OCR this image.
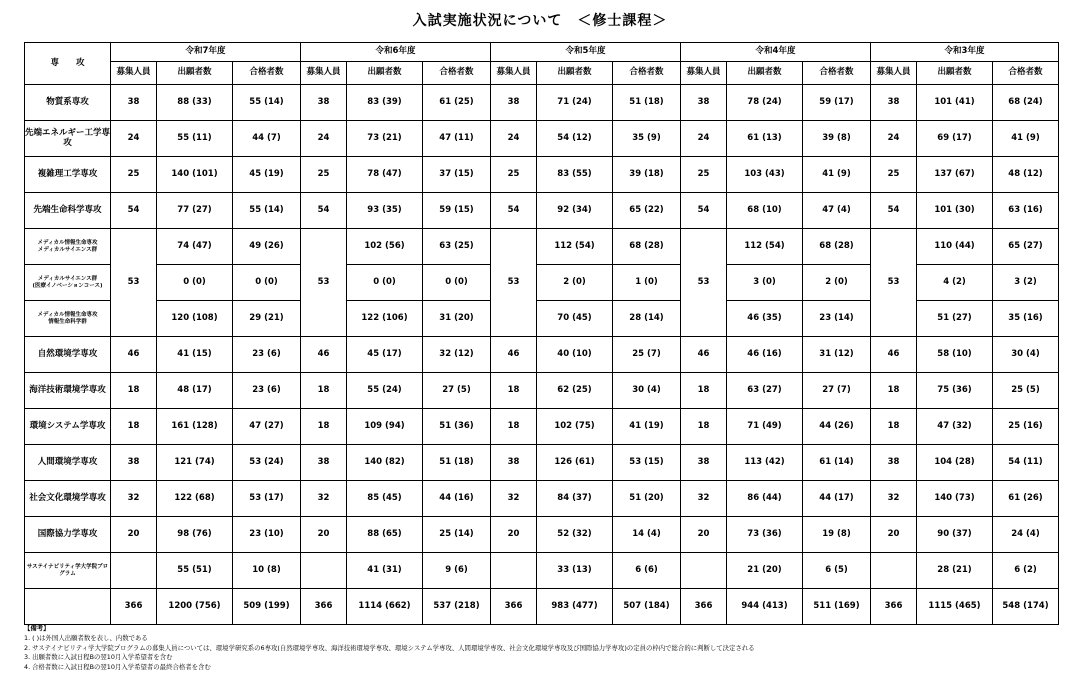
入試実施状況について　＜修士課程＞
専　　攻	令和7年度			令和6年度			令和5年度			令和4年度			令和3年度		
	募集人員	出願者数	合格者数	募集人員	出願者数	合格者数	募集人員	出願者数	合格者数	募集人員	出願者数	合格者数	募集人員	出願者数	合格者数
物質系専攻	38	88 (33)	55 (14)	38	83 (39)	61 (25)	38	71 (24)	51 (18)	38	78 (24)	59 (17)	38	101 (41)	68 (24)
先端エネルギー工学専攻	24	55 (11)	44 (7)	24	73 (21)	47 (11)	24	54 (12)	35 (9)	24	61 (13)	39 (8)	24	69 (17)	41 (9)
複雑理工学専攻	25	140 (101)	45 (19)	25	78 (47)	37 (15)	25	83 (55)	39 (18)	25	103 (43)	41 (9)	25	137 (67)	48 (12)
先端生命科学専攻	54	77 (27)	55 (14)	54	93 (35)	59 (15)	54	92 (34)	65 (22)	54	68 (10)	47 (4)	54	101 (30)	63 (16)
メディカル情報生命専攻
メディカルサイエンス群	53	74 (47)	49 (26)	53	102 (56)	63 (25)	53	112 (54)	68 (28)	53	112 (54)	68 (28)	53	110 (44)	65 (27)
メディカルサイエンス群
(医療イノベーションコース)		0 (0)	0 (0)		0 (0)	0 (0)		2 (0)	1 (0)		3 (0)	2 (0)		4 (2)	3 (2)
メディカル情報生命専攻
情報生命科学群		120 (108)	29 (21)		122 (106)	31 (20)		70 (45)	28 (14)		46 (35)	23 (14)		51 (27)	35 (16)
自然環境学専攻	46	41 (15)	23 (6)	46	45 (17)	32 (12)	46	40 (10)	25 (7)	46	46 (16)	31 (12)	46	58 (10)	30 (4)
海洋技術環境学専攻	18	48 (17)	23 (6)	18	55 (24)	27 (5)	18	62 (25)	30 (4)	18	63 (27)	27 (7)	18	75 (36)	25 (5)
環境システム学専攻	18	161 (128)	47 (27)	18	109 (94)	51 (36)	18	102 (75)	41 (19)	18	71 (49)	44 (26)	18	47 (32)	25 (16)
人間環境学専攻	38	121 (74)	53 (24)	38	140 (82)	51 (18)	38	126 (61)	53 (15)	38	113 (42)	61 (14)	38	104 (28)	54 (11)
社会文化環境学専攻	32	122 (68)	53 (17)	32	85 (45)	44 (16)	32	84 (37)	51 (20)	32	86 (44)	44 (17)	32	140 (73)	61 (26)
国際協力学専攻	20	98 (76)	23 (10)	20	88 (65)	25 (14)	20	52 (32)	14 (4)	20	73 (36)	19 (8)	20	90 (37)	24 (4)
サステイナビリティ学大学院プログラム		55 (51)	10 (8)		41 (31)	9 (6)		33 (13)	6 (6)		21 (20)	6 (5)		28 (21)	6 (2)
	366	1200 (756)	509 (199)	366	1114 (662)	537 (218)	366	983 (477)	507 (184)	366	944 (413)	511 (169)	366	1115 (465)	548 (174)
【備考】
1. ( )は外国人出願者数を表し、内数である
2. サステイナビリティ学大学院プログラムの募集人員については、環境学研究系の6専攻(自然環境学専攻、海洋技術環境学専攻、環境システム学専攻、人間環境学専攻、社会文化環境学専攻及び国際協力学専攻)の定員の枠内で総合的に判断して決定される
3. 出願者数に入試日程Bの翌10月入学希望者を含む
4. 合格者数に入試日程Bの翌10月入学希望者の最終合格者を含む
